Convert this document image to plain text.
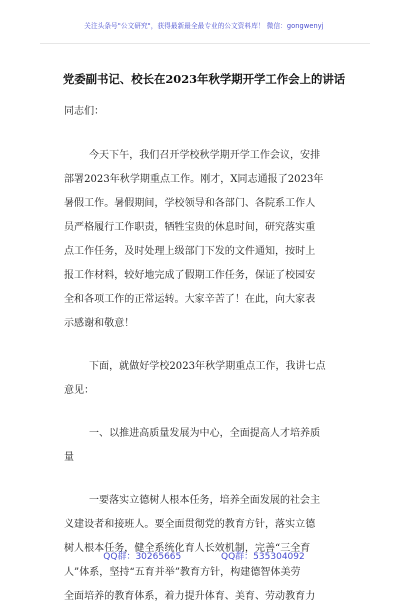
关注头条号"公文研究"，获得最新最全最专业的公文资料库！ 微信：gongwenyj
党委副书记、校长在2023年秋学期开学工作会上的讲话
同志们：
今天下午，我们召开学校秋学期开学工作会议，安排
部署2023年秋学期重点工作。刚才，X同志通报了2023年
暑假工作。暑假期间，学校领导和各部门、各院系工作人
员严格履行工作职责，牺牲宝贵的休息时间，研究落实重
点工作任务，及时处理上级部门下发的文件通知，按时上
报工作材料，较好地完成了假期工作任务，保证了校园安
全和各项工作的正常运转。大家辛苦了！在此，向大家表
示感谢和敬意！
下面，就做好学校2023年秋学期重点工作，我讲七点
意见：
一、以推进高质量发展为中心，全面提高人才培养质
量
一要落实立德树人根本任务，培养全面发展的社会主
义建设者和接班人。要全面贯彻党的教育方针，落实立德
树人根本任务，健全系统化育人长效机制，完善“三全育
人”体系，坚持“五育并举”教育方针，构建德智体美劳
全面培养的教育体系，着力提升体育、美育、劳动教育力
QQ群：30265665	QQ群：535304092
